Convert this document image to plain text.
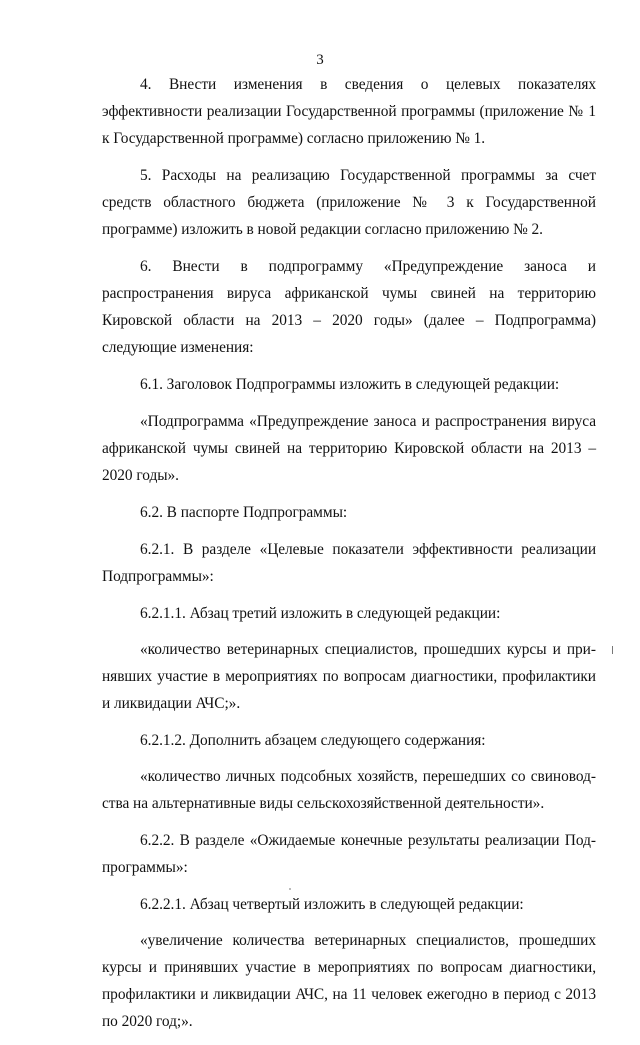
3

4. Внести изменения в сведения о целевых показателях эффективности реализации Государственной программы (приложение № 1 к Государственной программе) согласно приложению № 1.

5. Расходы на реализацию Государственной программы за счет средств областного бюджета (приложение № 3 к Государственной программе) изложить в новой редакции согласно приложению № 2.

6. Внести в подпрограмму «Предупреждение заноса и распространения вируса африканской чумы свиней на территорию Кировской области на 2013 – 2020 годы» (далее – Подпрограмма) следующие изменения:

6.1. Заголовок Подпрограммы изложить в следующей редакции:

«Подпрограмма «Предупреждение заноса и распространения вируса африканской чумы свиней на территорию Кировской области на 2013 – 2020 годы».

6.2. В паспорте Подпрограммы:

6.2.1. В разделе «Целевые показатели эффективности реализации Подпрограммы»:

6.2.1.1. Абзац третий изложить в следующей редакции:

«количество ветеринарных специалистов, прошедших курсы и принявших участие в мероприятиях по вопросам диагностики, профилактики и ликвидации АЧС;».

6.2.1.2. Дополнить абзацем следующего содержания:

«количество личных подсобных хозяйств, перешедших со свиноводства на альтернативные виды сельскохозяйственной деятельности».

6.2.2. В разделе «Ожидаемые конечные результаты реализации Подпрограммы»:

6.2.2.1. Абзац четвертый изложить в следующей редакции:

«увеличение количества ветеринарных специалистов, прошедших курсы и принявших участие в мероприятиях по вопросам диагностики, профилактики и ликвидации АЧС, на 11 человек ежегодно в период с 2013 по 2020 год;».
